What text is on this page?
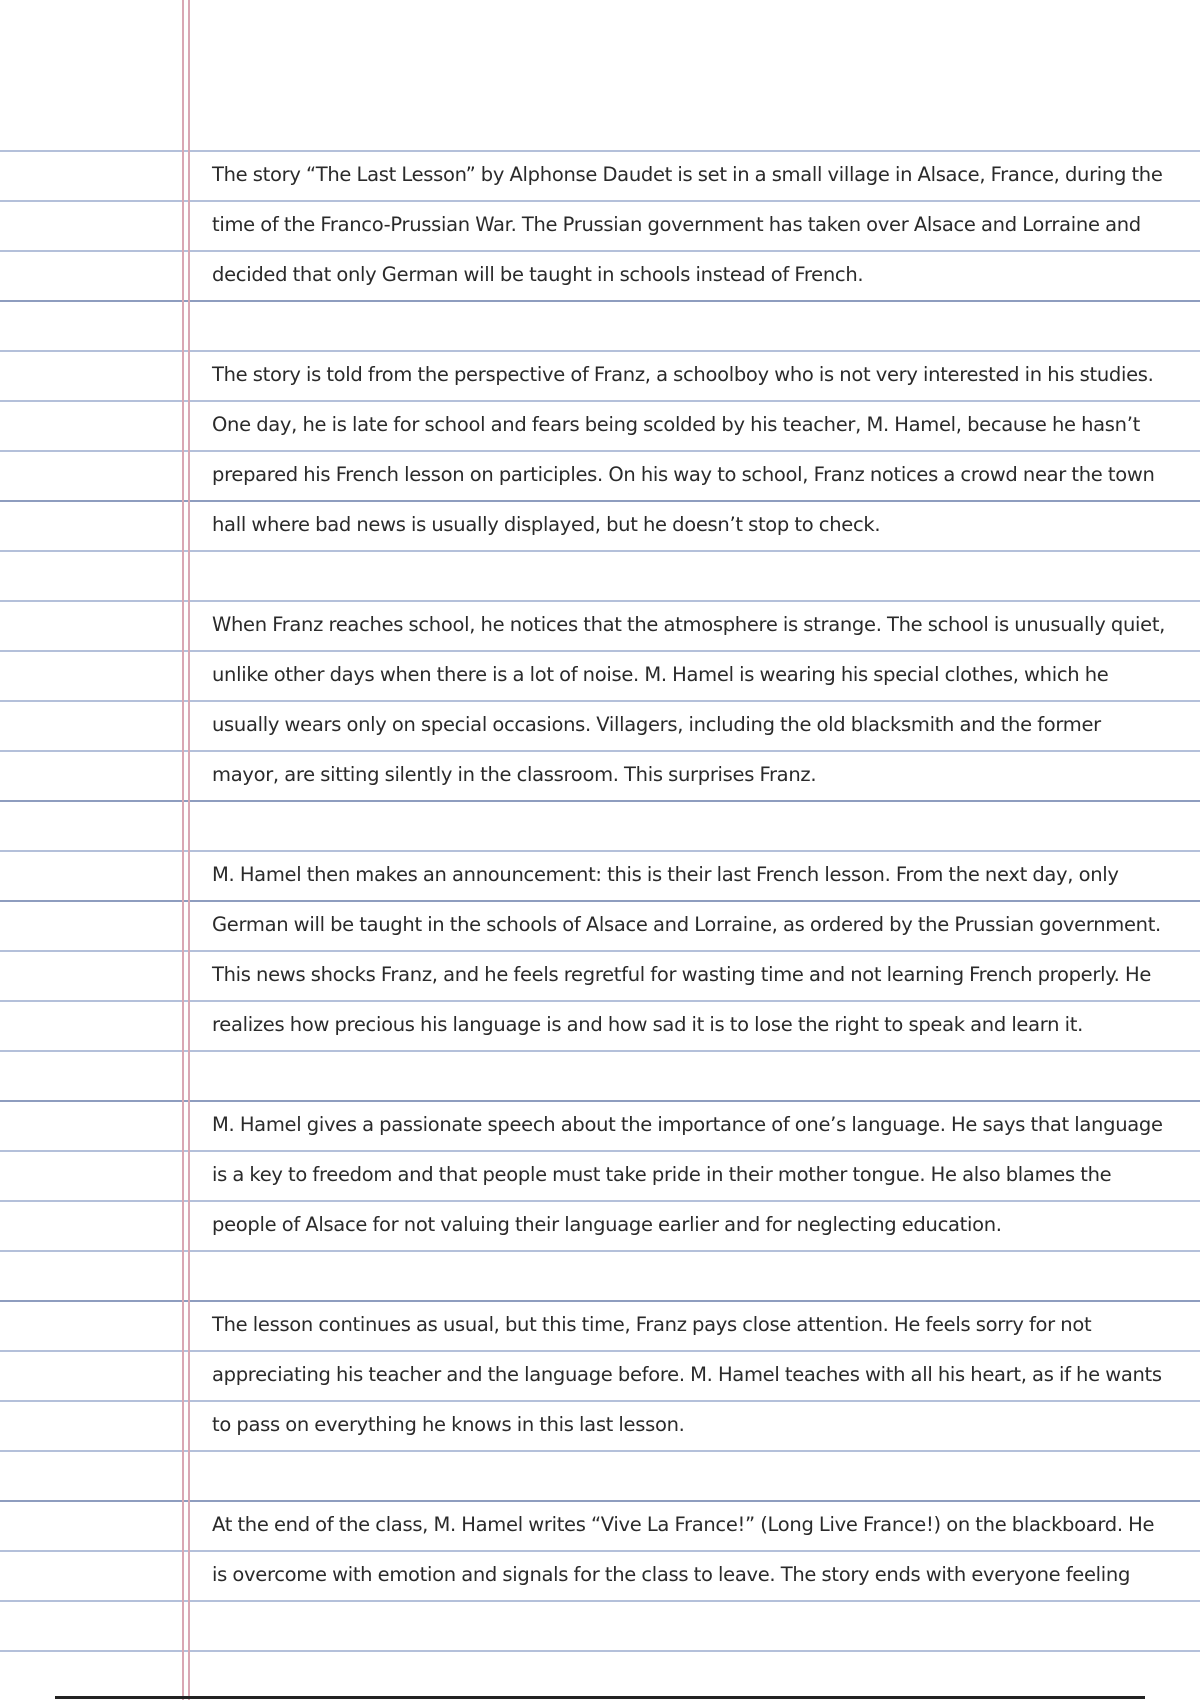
The story “The Last Lesson” by Alphonse Daudet is set in a small village in Alsace, France, during the time of the Franco-Prussian War. The Prussian government has taken over Alsace and Lorraine and decided that only German will be taught in schools instead of French.

The story is told from the perspective of Franz, a schoolboy who is not very interested in his studies. One day, he is late for school and fears being scolded by his teacher, M. Hamel, because he hasn’t prepared his French lesson on participles. On his way to school, Franz notices a crowd near the town hall where bad news is usually displayed, but he doesn’t stop to check.

When Franz reaches school, he notices that the atmosphere is strange. The school is unusually quiet, unlike other days when there is a lot of noise. M. Hamel is wearing his special clothes, which he usually wears only on special occasions. Villagers, including the old blacksmith and the former mayor, are sitting silently in the classroom. This surprises Franz.

M. Hamel then makes an announcement: this is their last French lesson. From the next day, only German will be taught in the schools of Alsace and Lorraine, as ordered by the Prussian government. This news shocks Franz, and he feels regretful for wasting time and not learning French properly. He realizes how precious his language is and how sad it is to lose the right to speak and learn it.

M. Hamel gives a passionate speech about the importance of one’s language. He says that language is a key to freedom and that people must take pride in their mother tongue. He also blames the people of Alsace for not valuing their language earlier and for neglecting education.

The lesson continues as usual, but this time, Franz pays close attention. He feels sorry for not appreciating his teacher and the language before. M. Hamel teaches with all his heart, as if he wants to pass on everything he knows in this last lesson.

At the end of the class, M. Hamel writes “Vive La France!” (Long Live France!) on the blackboard. He is overcome with emotion and signals for the class to leave. The story ends with everyone feeling
